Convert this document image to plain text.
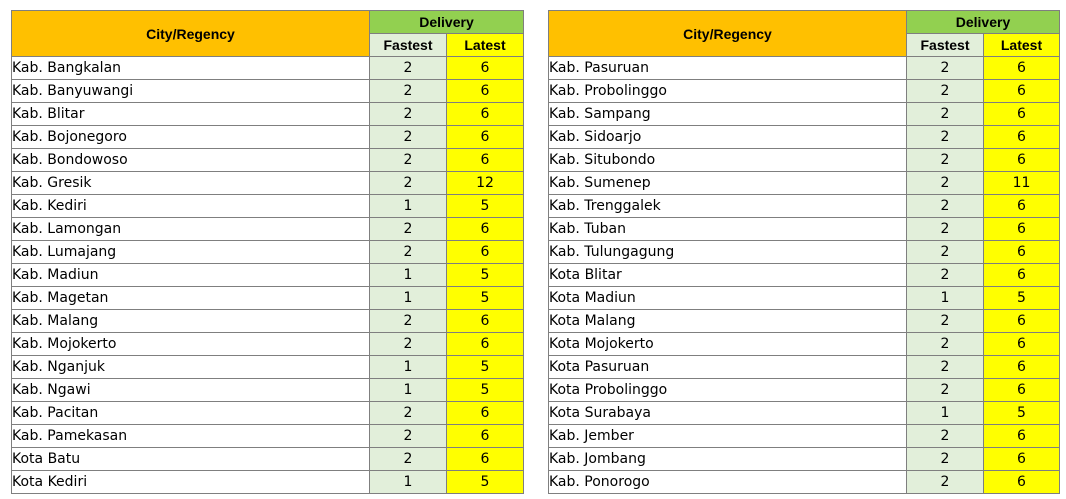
City/Regency	Delivery	
	Fastest	Latest
Kab. Bangkalan	2	6
Kab. Banyuwangi	2	6
Kab. Blitar	2	6
Kab. Bojonegoro	2	6
Kab. Bondowoso	2	6
Kab. Gresik	2	12
Kab. Kediri	1	5
Kab. Lamongan	2	6
Kab. Lumajang	2	6
Kab. Madiun	1	5
Kab. Magetan	1	5
Kab. Malang	2	6
Kab. Mojokerto	2	6
Kab. Nganjuk	1	5
Kab. Ngawi	1	5
Kab. Pacitan	2	6
Kab. Pamekasan	2	6
Kota Batu	2	6
Kota Kediri	1	5
City/Regency	Delivery	
	Fastest	Latest
Kab. Pasuruan	2	6
Kab. Probolinggo	2	6
Kab. Sampang	2	6
Kab. Sidoarjo	2	6
Kab. Situbondo	2	6
Kab. Sumenep	2	11
Kab. Trenggalek	2	6
Kab. Tuban	2	6
Kab. Tulungagung	2	6
Kota Blitar	2	6
Kota Madiun	1	5
Kota Malang	2	6
Kota Mojokerto	2	6
Kota Pasuruan	2	6
Kota Probolinggo	2	6
Kota Surabaya	1	5
Kab. Jember	2	6
Kab. Jombang	2	6
Kab. Ponorogo	2	6
